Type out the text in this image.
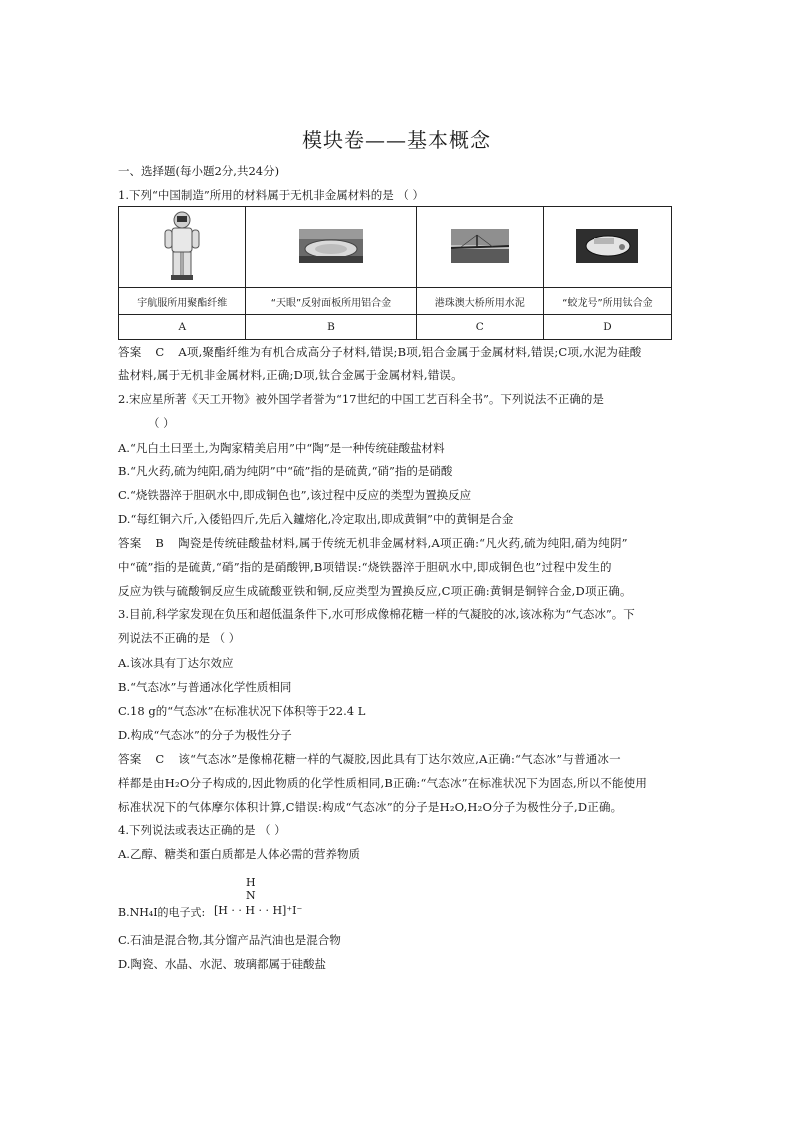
模块卷——基本概念
一、选择题(每小题2分,共24分)
1.下列“中国制造”所用的材料属于无机非金属材料的是 （ ）

宇航服所用聚酯纤维	“天眼”反射面板所用铝合金	港珠澳大桥所用水泥	“蛟龙号”所用钛合金
A	B	C	D
答案 C A项,聚酯纤维为有机合成高分子材料,错误;B项,铝合金属于金属材料,错误;C项,水泥为硅酸
盐材料,属于无机非金属材料,正确;D项,钛合金属于金属材料,错误。
2.宋应星所著《天工开物》被外国学者誉为“17世纪的中国工艺百科全书”。下列说法不正确的是
（ ）
A.“凡白土曰垩土,为陶家精美启用”中“陶”是一种传统硅酸盐材料
B.“凡火药,硫为纯阳,硝为纯阴”中“硫”指的是硫黄,“硝”指的是硝酸
C.“烧铁器淬于胆矾水中,即成铜色也”,该过程中反应的类型为置换反应
D.“每红铜六斤,入倭铅四斤,先后入鑪熔化,冷定取出,即成黄铜”中的黄铜是合金
答案 B 陶瓷是传统硅酸盐材料,属于传统无机非金属材料,A项正确:“凡火药,硫为纯阳,硝为纯阴”
中“硫”指的是硫黄,“硝”指的是硝酸钾,B项错误:“烧铁器淬于胆矾水中,即成铜色也”过程中发生的
反应为铁与硫酸铜反应生成硫酸亚铁和铜,反应类型为置换反应,C项正确:黄铜是铜锌合金,D项正确。
3.目前,科学家发现在负压和超低温条件下,水可形成像棉花糖一样的气凝胶的冰,该冰称为“气态冰”。下
列说法不正确的是 （ ）
A.该冰具有丁达尔效应
B.“气态冰”与普通冰化学性质相同
C.18 g的“气态冰”在标准状况下体积等于22.4 L
D.构成“气态冰”的分子为极性分子
答案 C 该“气态冰”是像棉花糖一样的气凝胶,因此具有丁达尔效应,A正确:“气态冰”与普通冰一
样都是由H₂O分子构成的,因此物质的化学性质相同,B正确:“气态冰”在标准状况下为固态,所以不能使用
标准状况下的气体摩尔体积计算,C错误:构成“气态冰”的分子是H₂O,H₂O分子为极性分子,D正确。
4.下列说法或表达正确的是 （ ）
A.乙醇、糖类和蛋白质都是人体必需的营养物质
H
N
B.NH₄I的电子式: [H · · H · · H]⁺I⁻
C.石油是混合物,其分馏产品汽油也是混合物
D.陶瓷、水晶、水泥、玻璃都属于硅酸盐
